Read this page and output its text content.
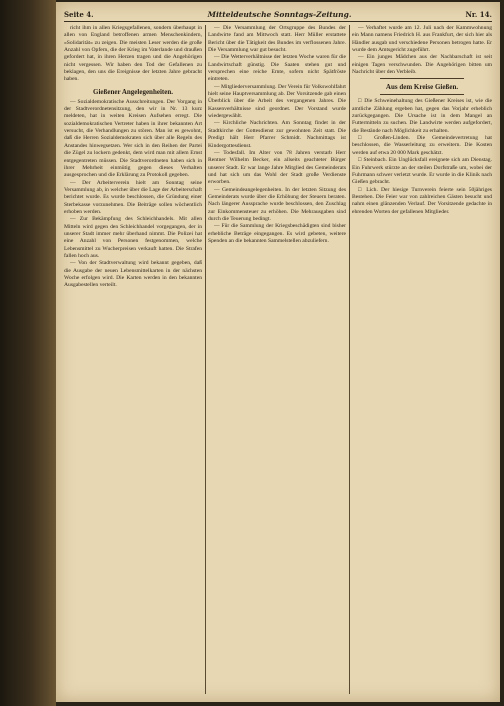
Seite 4.	Mitteldeutsche Sonntags-Zeitung.	Nr. 14.

richt ihm in allen Kriegsgefallenen, sondern überhaupt in allen von England betroffenen armen Menschenkindern, «Solidarität» zu zeigen. Die meisten Leser werden die große Anzahl von Opfern, die der Krieg im Vaterlande und draußen gefordert hat, in ihren Herzen tragen und die Angehörigen nicht vergessen. Wir haben den Tod der Gefallenen zu beklagen, den uns die Ereignisse der letzten Jahre gebracht haben.

Gießener Angelegenheiten.

— Sozialdemokratische Ausschreitungen. Der Vorgang in der Stadtverordnetensitzung, den wir in Nr. 13 kurz meldeten, hat in weiten Kreisen Aufsehen erregt. Die sozialdemokratischen Vertreter haben in ihrer bekannten Art versucht, die Verhandlungen zu stören. Man ist es gewohnt, daß die Herren Sozialdemokraten sich über alle Regeln des Anstandes hinwegsetzen. Wer sich in den Reihen der Partei die Zügel zu lockern gedenkt, dem wird man mit allem Ernst entgegentreten müssen. Die Stadtverordneten haben sich in ihrer Mehrheit einmütig gegen dieses Verhalten ausgesprochen und die Erklärung zu Protokoll gegeben.

— Der Arbeiterverein hielt am Sonntag seine Versammlung ab, in welcher über die Lage der Arbeiterschaft berichtet wurde. Es wurde beschlossen, die Gründung einer Sterbekasse vorzunehmen. Die Beiträge sollen wöchentlich erhoben werden.

— Zur Bekämpfung des Schleichhandels. Mit allen Mitteln wird gegen den Schleichhandel vorgegangen, der in unserer Stadt immer mehr überhand nimmt. Die Polizei hat eine Anzahl von Personen festgenommen, welche Lebensmittel zu Wucherpreisen verkauft hatten. Die Strafen fallen hoch aus.

— Von der Stadtverwaltung wird bekannt gegeben, daß die Ausgabe der neuen Lebensmittelkarten in der nächsten Woche erfolgen wird. Die Karten werden in den bekannten Ausgabestellen verteilt.

— Die Versammlung der Ortsgruppe des Bundes der Landwirte fand am Mittwoch statt. Herr Müller erstattete Bericht über die Tätigkeit des Bundes im verflossenen Jahre. Die Versammlung war gut besucht.

— Die Wetterverhältnisse der letzten Woche waren für die Landwirtschaft günstig. Die Saaten stehen gut und versprechen eine reiche Ernte, sofern nicht Spätfröste eintreten.

— Mitgliederversammlung. Der Verein für Volkswohlfahrt hielt seine Hauptversammlung ab. Der Vorsitzende gab einen Überblick über die Arbeit des vergangenen Jahres. Die Kassenverhältnisse sind geordnet. Der Vorstand wurde wiedergewählt.

— Kirchliche Nachrichten. Am Sonntag findet in der Stadtkirche der Gottesdienst zur gewohnten Zeit statt. Die Predigt hält Herr Pfarrer Schmidt. Nachmittags ist Kindergottesdienst.

— Todesfall. Im Alter von 78 Jahren verstarb Herr Rentner Wilhelm Becker, ein allseits geachteter Bürger unserer Stadt. Er war lange Jahre Mitglied des Gemeinderats und hat sich um das Wohl der Stadt große Verdienste erworben.

— Gemeindeangelegenheiten. In der letzten Sitzung des Gemeinderats wurde über die Erhöhung der Steuern beraten. Nach längerer Aussprache wurde beschlossen, den Zuschlag zur Einkommensteuer zu erhöhen. Die Mehrausgaben sind durch die Teuerung bedingt.

— Für die Sammlung der Kriegsbeschädigten sind bisher erhebliche Beträge eingegangen. Es wird gebeten, weitere Spenden an die bekannten Sammelstellen abzuliefern.

— Verhaftet wurde am 12. Juli nach der Kammwohnung ein Mann namens Friedrich H. aus Frankfurt, der sich hier als Händler ausgab und verschiedene Personen betrogen hatte. Er wurde dem Amtsgericht zugeführt.

— Ein junges Mädchen aus der Nachbarschaft ist seit einigen Tagen verschwunden. Die Angehörigen bitten um Nachricht über den Verbleib.

Aus dem Kreise Gießen.

□ Die Schweinehaltung des Gießener Kreises ist, wie die amtliche Zählung ergeben hat, gegen das Vorjahr erheblich zurückgegangen. Die Ursache ist in dem Mangel an Futtermitteln zu suchen. Die Landwirte werden aufgefordert, die Bestände nach Möglichkeit zu erhalten.

□ Großen-Linden. Die Gemeindevertretung hat beschlossen, die Wasserleitung zu erweitern. Die Kosten werden auf etwa 20 000 Mark geschätzt.

□ Steinbach. Ein Unglücksfall ereignete sich am Dienstag. Ein Fuhrwerk stürzte an der steilen Dorfstraße um, wobei der Fuhrmann schwer verletzt wurde. Er wurde in die Klinik nach Gießen gebracht.

□ Lich. Der hiesige Turnverein feierte sein 50jähriges Bestehen. Die Feier war von zahlreichen Gästen besucht und nahm einen glänzenden Verlauf. Der Vorsitzende gedachte in ehrenden Worten der gefallenen Mitglieder.
